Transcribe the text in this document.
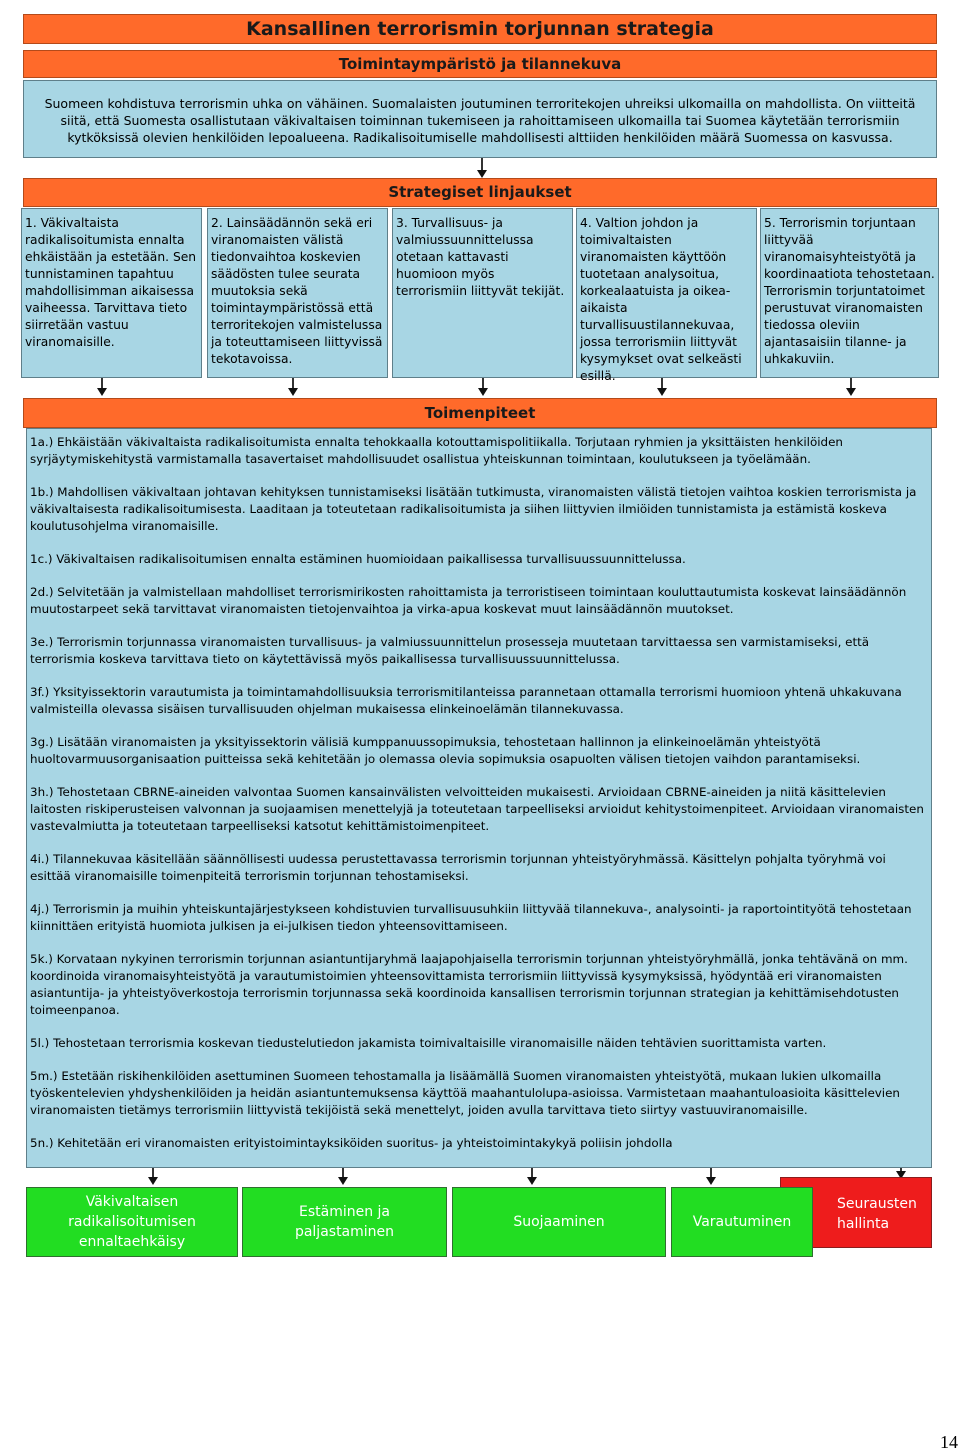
Kansallinen terrorismin torjunnan strategia
Toimintaympäristö ja tilannekuva
Suomeen kohdistuva terrorismin uhka on vähäinen. Suomalaisten joutuminen terroritekojen uhreiksi ulkomailla on mahdollista. On viitteitä siitä, että Suomesta osallistutaan väkivaltaisen toiminnan tukemiseen ja rahoittamiseen ulkomailla tai Suomea käytetään terrorismiin kytköksissä olevien henkilöiden lepoalueena. Radikalisoitumiselle mahdollisesti alttiiden henkilöiden määrä Suomessa on kasvussa.
Strategiset linjaukset
1. Väkivaltaista radikalisoitumista ennalta ehkäistään ja estetään. Sen tunnistaminen tapahtuu mahdollisimman aikaisessa vaiheessa. Tarvittava tieto siirretään vastuu viranomaisille.
2. Lainsäädännön sekä eri viranomaisten välistä tiedonvaihtoa koskevien säädösten tulee seurata muutoksia sekä toimintaympäristössä että terroritekojen valmistelussa ja toteuttamiseen liittyvissä tekotavoissa.
3. Turvallisuus- ja valmiussuunnittelussa otetaan kattavasti huomioon myös terrorismiin liittyvät tekijät.
4. Valtion johdon ja toimivaltaisten viranomaisten käyttöön tuotetaan analysoitua, korkealaatuista ja oikea-aikaista turvallisuustilannekuvaa, jossa terrorismiin liittyvät kysymykset ovat selkeästi esillä.
5. Terrorismin torjuntaan liittyvää viranomaisyhteistyötä ja koordinaatiota tehostetaan. Terrorismin torjuntatoimet perustuvat viranomaisten tiedossa oleviin ajantasaisiin tilanne- ja uhkakuviin.
Toimenpiteet

1a.) Ehkäistään väkivaltaista radikalisoitumista ennalta tehokkaalla kotouttamispolitiikalla. Torjutaan ryhmien ja yksittäisten henkilöiden syrjäytymiskehitystä varmistamalla tasavertaiset mahdollisuudet osallistua yhteiskunnan toimintaan, koulutukseen ja työelämään.

1b.) Mahdollisen väkivaltaan johtavan kehityksen tunnistamiseksi lisätään tutkimusta, viranomaisten välistä tietojen vaihtoa koskien terrorismista ja väkivaltaisesta radikalisoitumisesta. Laaditaan ja toteutetaan radikalisoitumista ja siihen liittyvien ilmiöiden tunnistamista ja estämistä koskeva koulutusohjelma viranomaisille.

1c.) Väkivaltaisen radikalisoitumisen ennalta estäminen huomioidaan paikallisessa turvallisuussuunnittelussa.

2d.) Selvitetään ja valmistellaan mahdolliset terrorismirikosten rahoittamista ja terroristiseen toimintaan kouluttautumista koskevat lainsäädännön muutostarpeet sekä tarvittavat viranomaisten tietojenvaihtoa ja virka-apua koskevat muut lainsäädännön muutokset.

3e.) Terrorismin torjunnassa viranomaisten turvallisuus- ja valmiussuunnittelun prosesseja muutetaan tarvittaessa sen varmistamiseksi, että terrorismia koskeva tarvittava tieto on käytettävissä myös paikallisessa turvallisuussuunnittelussa.

3f.) Yksityissektorin varautumista ja toimintamahdollisuuksia terrorismitilanteissa parannetaan ottamalla terrorismi huomioon yhtenä uhkakuvana valmisteilla olevassa sisäisen turvallisuuden ohjelman mukaisessa elinkeinoelämän tilannekuvassa.

3g.) Lisätään viranomaisten ja yksityissektorin välisiä kumppanuussopimuksia, tehostetaan hallinnon ja elinkeinoelämän yhteistyötä huoltovarmuusorganisaation puitteissa sekä kehitetään jo olemassa olevia sopimuksia osapuolten välisen tietojen vaihdon parantamiseksi.

3h.) Tehostetaan CBRNE-aineiden valvontaa Suomen kansainvälisten velvoitteiden mukaisesti. Arvioidaan CBRNE-aineiden ja niitä käsittelevien laitosten riskiperusteisen valvonnan ja suojaamisen menettelyjä ja toteutetaan tarpeelliseksi arvioidut kehitystoimenpiteet. Arvioidaan viranomaisten vastevalmiutta ja toteutetaan tarpeelliseksi katsotut kehittämistoimenpiteet.

4i.) Tilannekuvaa käsitellään säännöllisesti uudessa perustettavassa terrorismin torjunnan yhteistyöryhmässä. Käsittelyn pohjalta työryhmä voi esittää viranomaisille toimenpiteitä terrorismin torjunnan tehostamiseksi.

4j.) Terrorismin ja muihin yhteiskuntajärjestykseen kohdistuvien turvallisuusuhkiin liittyvää tilannekuva-, analysointi- ja raportointityötä tehostetaan kiinnittäen erityistä huomiota julkisen ja ei-julkisen tiedon yhteensovittamiseen.

5k.) Korvataan nykyinen terrorismin torjunnan asiantuntijaryhmä laajapohjaisella terrorismin torjunnan yhteistyöryhmällä, jonka tehtävänä on mm. koordinoida viranomaisyhteistyötä ja varautumistoimien yhteensovittamista terrorismiin liittyvissä kysymyksissä, hyödyntää eri viranomaisten asiantuntija- ja yhteistyöverkostoja terrorismin torjunnassa sekä koordinoida kansallisen terrorismin torjunnan strategian ja kehittämisehdotusten toimeenpanoa.

5l.) Tehostetaan terrorismia koskevan tiedustelutiedon jakamista toimivaltaisille viranomaisille näiden tehtävien suorittamista varten.

5m.) Estetään riskihenkilöiden asettuminen Suomeen tehostamalla ja lisäämällä Suomen viranomaisten yhteistyötä, mukaan lukien ulkomailla työskentelevien yhdyshenkilöiden ja heidän asiantuntemuksensa käyttöä maahantulolupa-asioissa. Varmistetaan maahantuloasioita käsittelevien viranomaisten tietämys terrorismiin liittyvistä tekijöistä sekä menettelyt, joiden avulla tarvittava tieto siirtyy vastuuviranomaisille.

5n.) Kehitetään eri viranomaisten erityistoimintayksiköiden suoritus- ja yhteistoimintakykyä poliisin johdolla

Seurausten hallinta
Väkivaltaisen radikalisoitumisen ennaltaehkäisy
Estäminen ja paljastaminen
Suojaaminen	Varautuminen
14
